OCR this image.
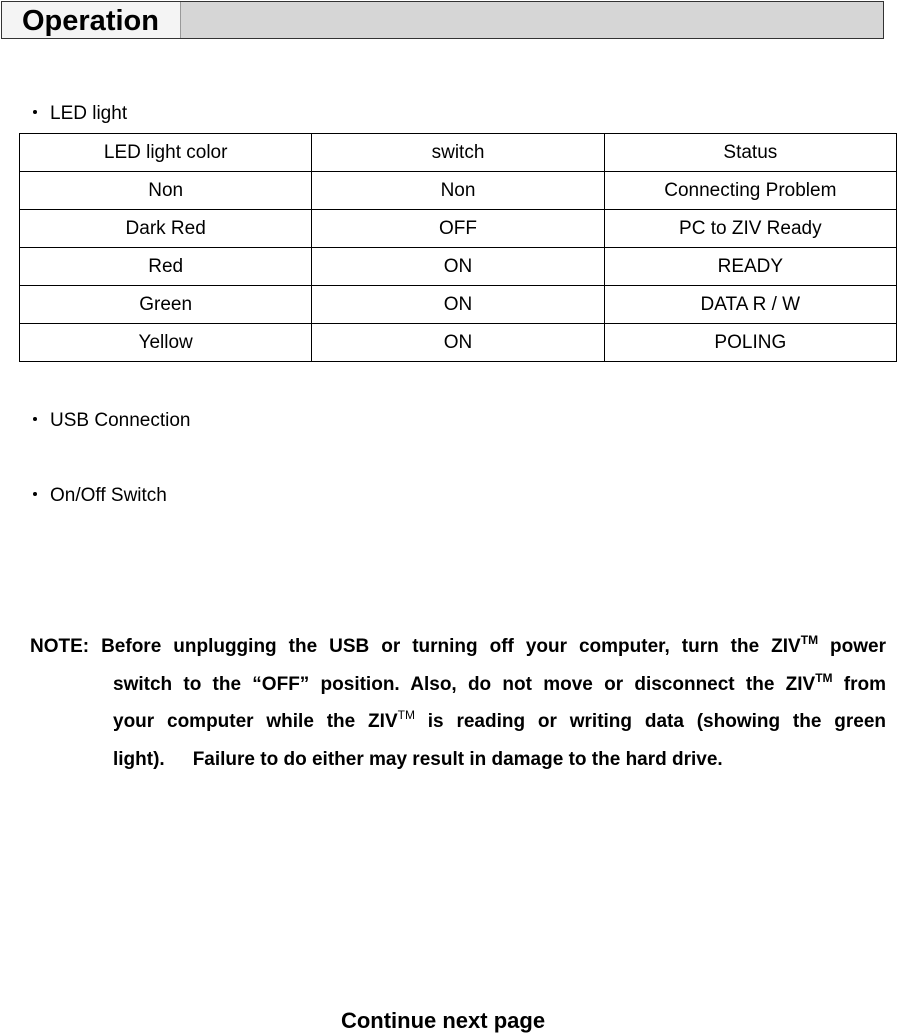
Operation
LED light
LED light color	switch	Status
Non	Non	Connecting Problem
Dark Red	OFF	PC to ZIV Ready
Red	ON	READY
Green	ON	DATA R / W
Yellow	ON	POLING
USB Connection
On/Off Switch
NOTE: Before unplugging the USB or turning off your computer, turn the ZIV™ power
switch to the “OFF” position. Also, do not move or disconnect the ZIV™ from
your computer while the ZIV™ is reading or writing data (showing the green
light). Failure to do either may result in damage to the hard drive.
Continue next page
